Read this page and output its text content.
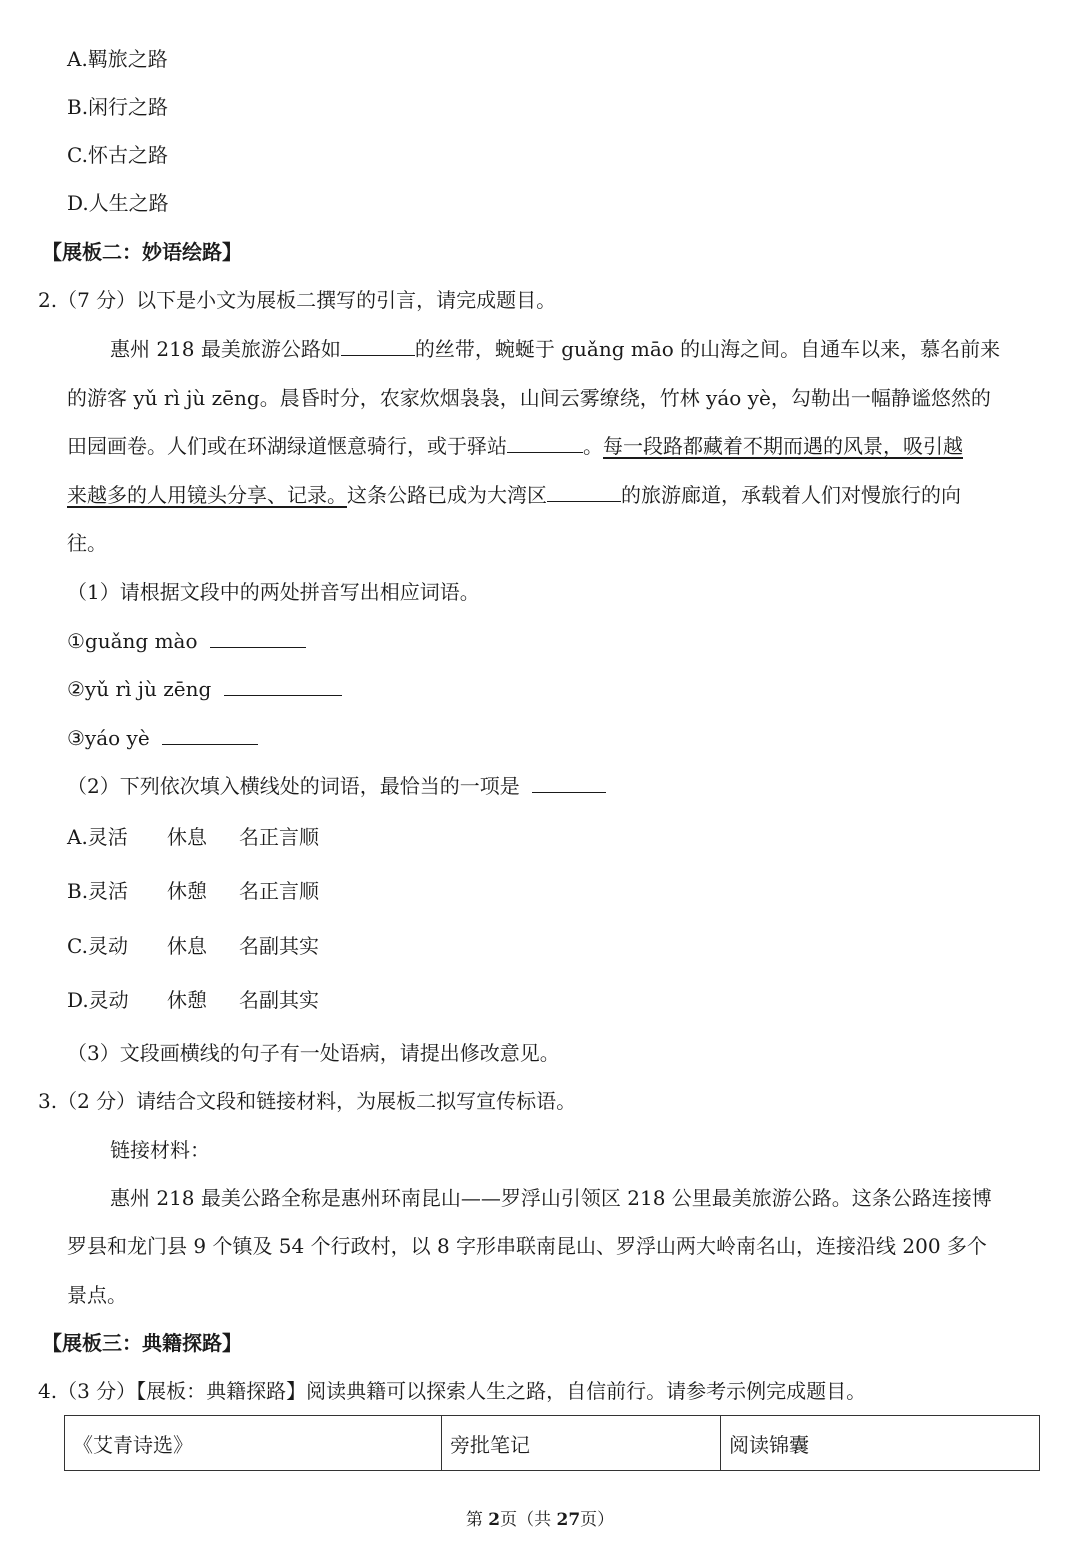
A.羁旅之路
B.闲行之路
C.怀古之路
D.人生之路
【展板二：妙语绘路】
2.（7 分）以下是小文为展板二撰写的引言，请完成题目。
惠州 218 最美旅游公路如	的丝带，蜿蜒于 guǎng māo 的山海之间。自通车以来，慕名前来
的游客 yǔ rì jù zēng。晨昏时分，农家炊烟袅袅，山间云雾缭绕，竹林 yáo yè，勾勒出一幅静谧悠然的
田园画卷。人们或在环湖绿道惬意骑行，或于驿站	。每一段路都藏着不期而遇的风景，吸引越
来越多的人用镜头分享、记录。这条公路已成为大湾区	的旅游廊道，承载着人们对慢旅行的向
往。
（1）请根据文段中的两处拼音写出相应词语。
①guǎng mào
②yǔ rì jù zēng
③yáo yè
（2）下列依次填入横线处的词语，最恰当的一项是
A.灵活 休息 名正言顺
B.灵活 休憩 名正言顺
C.灵动 休息 名副其实
D.灵动 休憩 名副其实
（3）文段画横线的句子有一处语病，请提出修改意见。
3.（2 分）请结合文段和链接材料，为展板二拟写宣传标语。
链接材料：
惠州 218 最美公路全称是惠州环南昆山——罗浮山引领区 218 公里最美旅游公路。这条公路连接博
罗县和龙门县 9 个镇及 54 个行政村，以 8 字形串联南昆山、罗浮山两大岭南名山，连接沿线 200 多个
景点。
【展板三：典籍探路】
4.（3 分）【展板：典籍探路】阅读典籍可以探索人生之路，自信前行。请参考示例完成题目。
《艾青诗选》	旁批笔记	阅读锦囊
第 2页（共 27页）
